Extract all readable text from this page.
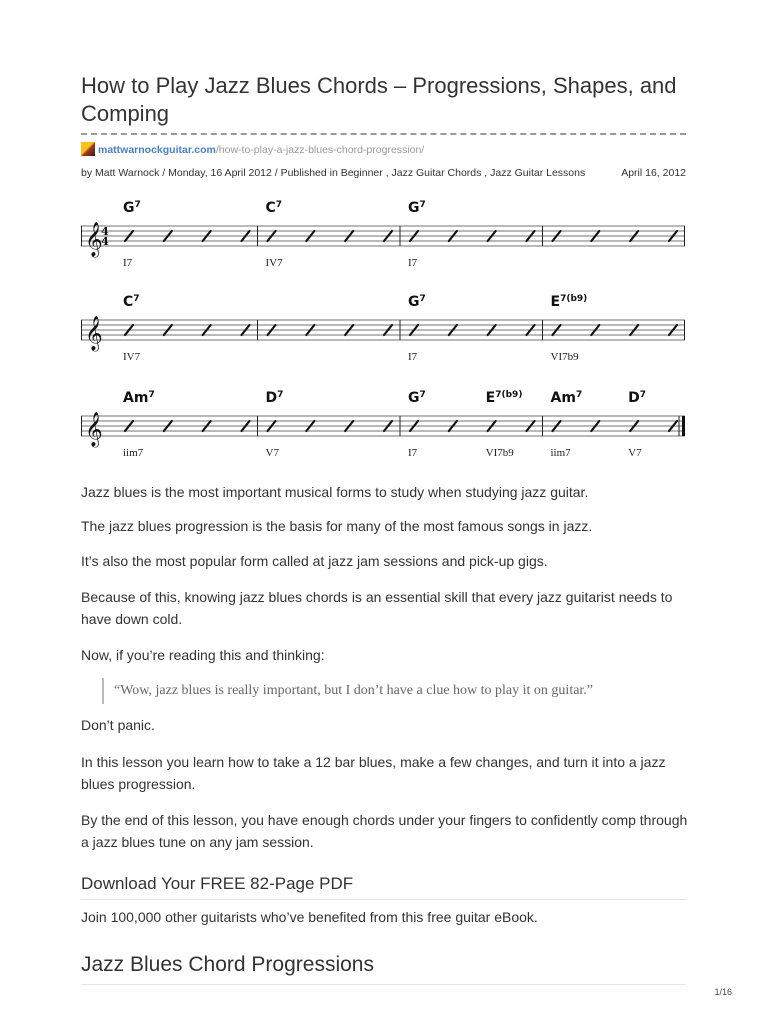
How to Play Jazz Blues Chords – Progressions, Shapes, and Comping
mattwarnockguitar.com/how-to-play-a-jazz-blues-chord-progression/
by Matt Warnock / Monday, 16 April 2012 / Published in Beginner , Jazz Guitar Chords , Jazz Guitar Lessons	April 16, 2012
𝄞
4
4
$G^7$	$C^7$	$G^7$
I7	IV7	I7
𝄞
$C^7$	$G^7$	$E^{7(b9)}$
IV7	I7	VI7b9
𝄞
Am$^7$	$D^7$	$G^7$	$E^{7(b9)}$ Am$^7$	$D^7$
iim7	V7	I7	VI7b9	iim7	V7

Jazz blues is the most important musical forms to study when studying jazz guitar.

The jazz blues progression is the basis for many of the most famous songs in jazz.

It’s also the most popular form called at jazz jam sessions and pick-up gigs.

Because of this, knowing jazz blues chords is an essential skill that every jazz guitarist needs to have down cold.

Now, if you’re reading this and thinking:

“Wow, jazz blues is really important, but I don’t have a clue how to play it on guitar.”

Don’t panic.

In this lesson you learn how to take a 12 bar blues, make a few changes, and turn it into a jazz blues progression.

By the end of this lesson, you have enough chords under your fingers to confidently comp through a jazz blues tune on any jam session.

Download Your FREE 82-Page PDF

Join 100,000 other guitarists who’ve benefited from this free guitar eBook.

Jazz Blues Chord Progressions
1/16
